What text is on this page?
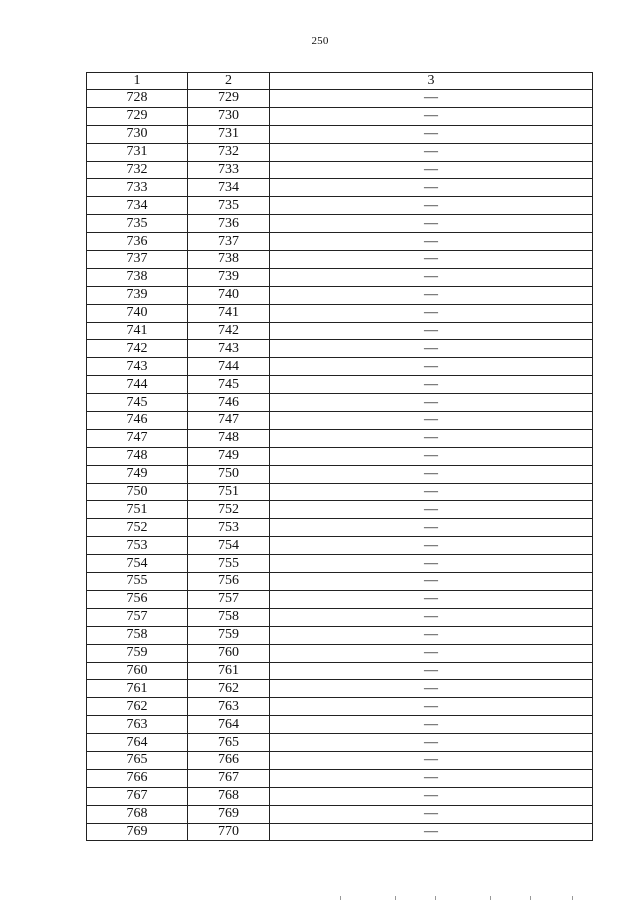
250
1	2	3
728	729	—
729	730	—
730	731	—
731	732	—
732	733	—
733	734	—
734	735	—
735	736	—
736	737	—
737	738	—
738	739	—
739	740	—
740	741	—
741	742	—
742	743	—
743	744	—
744	745	—
745	746	—
746	747	—
747	748	—
748	749	—
749	750	—
750	751	—
751	752	—
752	753	—
753	754	—
754	755	—
755	756	—
756	757	—
757	758	—
758	759	—
759	760	—
760	761	—
761	762	—
762	763	—
763	764	—
764	765	—
765	766	—
766	767	—
767	768	—
768	769	—
769	770	—
